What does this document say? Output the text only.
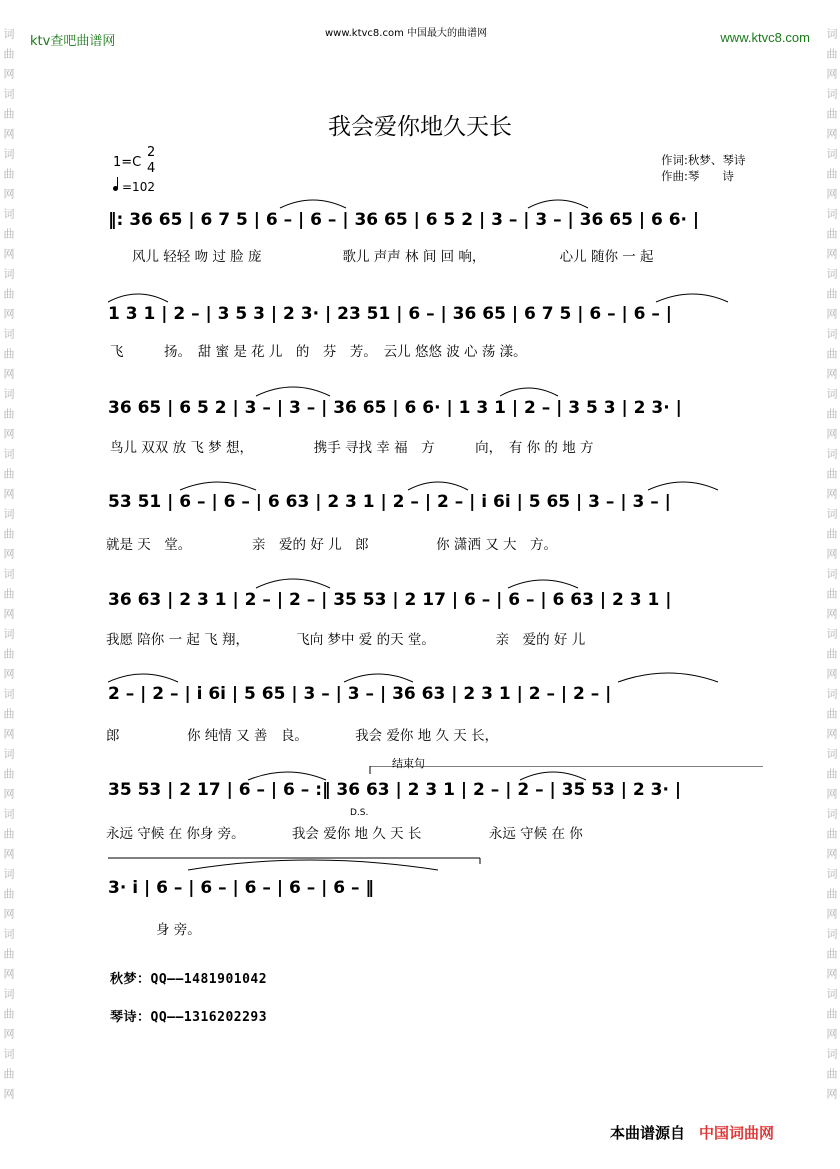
词曲网词曲网词曲网词曲网词曲网词曲网词曲网词曲网词曲网词曲网词曲网词曲网词曲网词曲网词曲网词曲网词曲网词曲网	词曲网词曲网词曲网词曲网词曲网词曲网词曲网词曲网词曲网词曲网词曲网词曲网词曲网词曲网词曲网词曲网词曲网词曲网
ktv查吧曲谱网
www.ktvc8.com 中国最大的曲谱网	www.ktvc8.com
我会爱你地久天长
1=C
2
4
=102
作词:秋梦、琴诗
作曲:琴　　诗
‖: 36 65 | 6 7 5 | 6 – | 6 – | 36 65 | 6 5 2 | 3 – | 3 – | 36 65 | 6 6· |
风儿 轻轻 吻 过 脸 庞　　　　　　歌儿 声声 林 间 回 响，　　　　　　心儿 随你 一 起
1 3 1 | 2 – | 3 5 3 | 2 3· | 23 51 | 6 – | 36 65 | 6 7 5 | 6 – | 6 – |
飞　　　扬。　甜 蜜 是 花 儿　的　芬　芳。　云儿 悠悠 波 心 荡 漾。
36 65 | 6 5 2 | 3 – | 3 – | 36 65 | 6 6· | 1 3 1 | 2 – | 3 5 3 | 2 3· |
鸟儿 双双 放 飞 梦 想，　　　　　携手 寻找 幸 福　方　　　向，　有 你 的 地 方
53 51 | 6 – | 6 – | 6 63 | 2 3 1 | 2 – | 2 – | i 6i | 5 65 | 3 – | 3 – |
就是 天　堂。　　　　　亲　爱的 好 儿　郎　　　　　你 潇洒 又 大　方。
36 63 | 2 3 1 | 2 – | 2 – | 35 53 | 2 17 | 6 – | 6 – | 6 63 | 2 3 1 |
我愿 陪你 一 起 飞 翔，　　　　飞向 梦中 爱 的天 堂。　　　　　亲　爱的 好 儿
2 – | 2 – | i 6i | 5 65 | 3 – | 3 – | 36 63 | 2 3 1 | 2 – | 2 – |
郎　　　　　你 纯情 又 善　良。　　　　我会 爱你 地 久 天 长，
结束句
35 53 | 2 17 | 6 – | 6 – :‖ 36 63 | 2 3 1 | 2 – | 2 – | 35 53 | 2 3· |
D.S.
永远 守候 在 你身 旁。　　　　我会 爱你 地 久 天 长　　　　　永远 守候 在 你
3· i | 6 – | 6 – | 6 – | 6 – | 6 – ‖
身 旁。
秋梦：QQ——1481901042
琴诗：QQ——1316202293
本曲谱源自 中国词曲网
